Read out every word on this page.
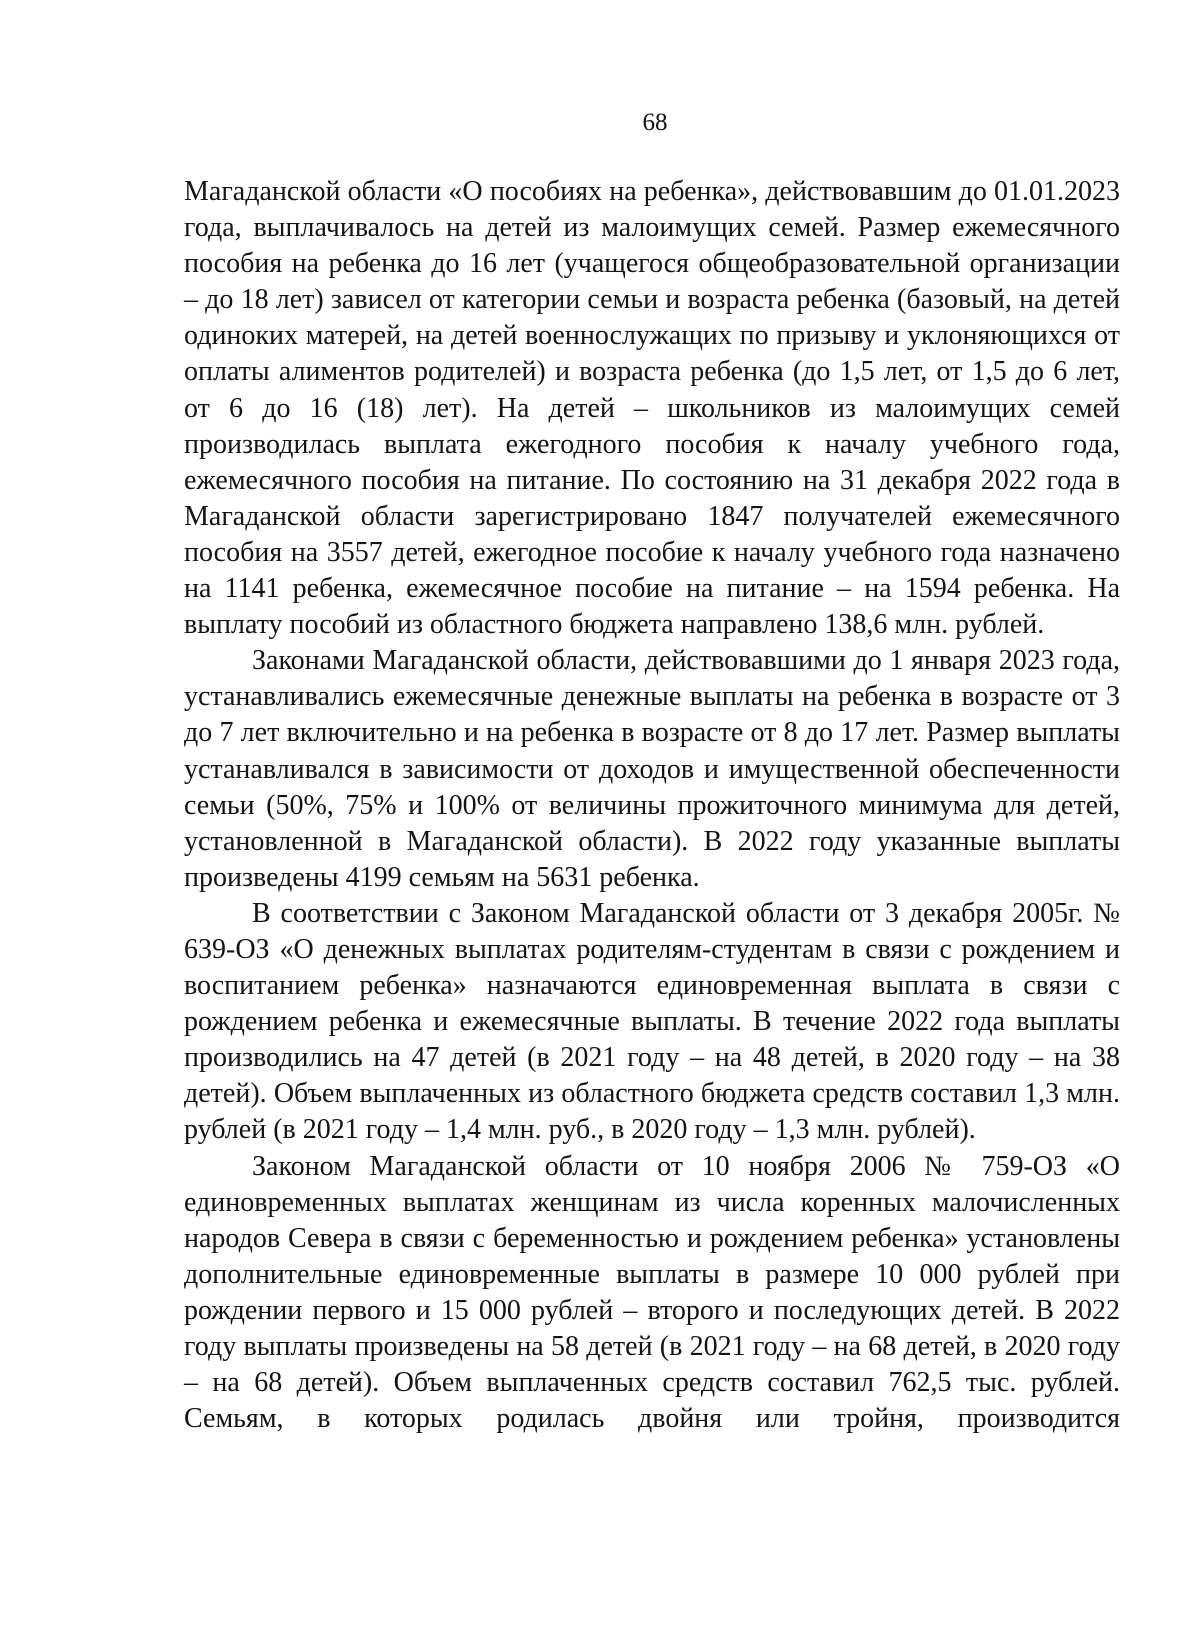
68

Магаданской области «О пособиях на ребенка», действовавшим до 01.01.2023 года, выплачивалось на детей из малоимущих семей. Размер ежемесячного пособия на ребенка до 16 лет (учащегося общеобразовательной организации – до 18 лет) зависел от категории семьи и возраста ребенка (базовый, на детей одиноких матерей, на детей военнослужащих по призыву и уклоняющихся от оплаты алиментов родителей) и возраста ребенка (до 1,5 лет, от 1,5 до 6 лет, от 6 до 16 (18) лет). На детей – школьников из малоимущих семей производилась выплата ежегодного пособия к началу учебного года, ежемесячного пособия на питание. По состоянию на 31 декабря 2022 года в Магаданской области зарегистрировано 1847 получателей ежемесячного пособия на 3557 детей, ежегодное пособие к началу учебного года назначено на 1141 ребенка, ежемесячное пособие на питание – на 1594 ребенка. На выплату пособий из областного бюджета направлено 138,6 млн. рублей.

Законами Магаданской области, действовавшими до 1 января 2023 года, устанавливались ежемесячные денежные выплаты на ребенка в возрасте от 3 до 7 лет включительно и на ребенка в возрасте от 8 до 17 лет. Размер выплаты устанавливался в зависимости от доходов и имущественной обеспеченности семьи (50%, 75% и 100% от величины прожиточного минимума для детей, установленной в Магаданской области). В 2022 году указанные выплаты произведены 4199 семьям на 5631 ребенка.

В соответствии с Законом Магаданской области от 3 декабря 2005г. № 639-ОЗ «О денежных выплатах родителям-студентам в связи с рождением и воспитанием ребенка» назначаются единовременная выплата в связи с рождением ребенка и ежемесячные выплаты. В течение 2022 года выплаты производились на 47 детей (в 2021 году – на 48 детей, в 2020 году – на 38 детей). Объем выплаченных из областного бюджета средств составил 1,3 млн. рублей (в 2021 году – 1,4 млн. руб., в 2020 году – 1,3 млн. рублей).

Законом Магаданской области от 10 ноября 2006 № 759-ОЗ «О единовременных выплатах женщинам из числа коренных малочисленных народов Севера в связи с беременностью и рождением ребенка» установлены дополнительные единовременные выплаты в размере 10 000 рублей при рождении первого и 15 000 рублей – второго и последующих детей. В 2022 году выплаты произведены на 58 детей (в 2021 году – на 68 детей, в 2020 году – на 68 детей). Объем выплаченных средств составил 762,5 тыс. рублей. Семьям, в которых родилась двойня или тройня, производится
